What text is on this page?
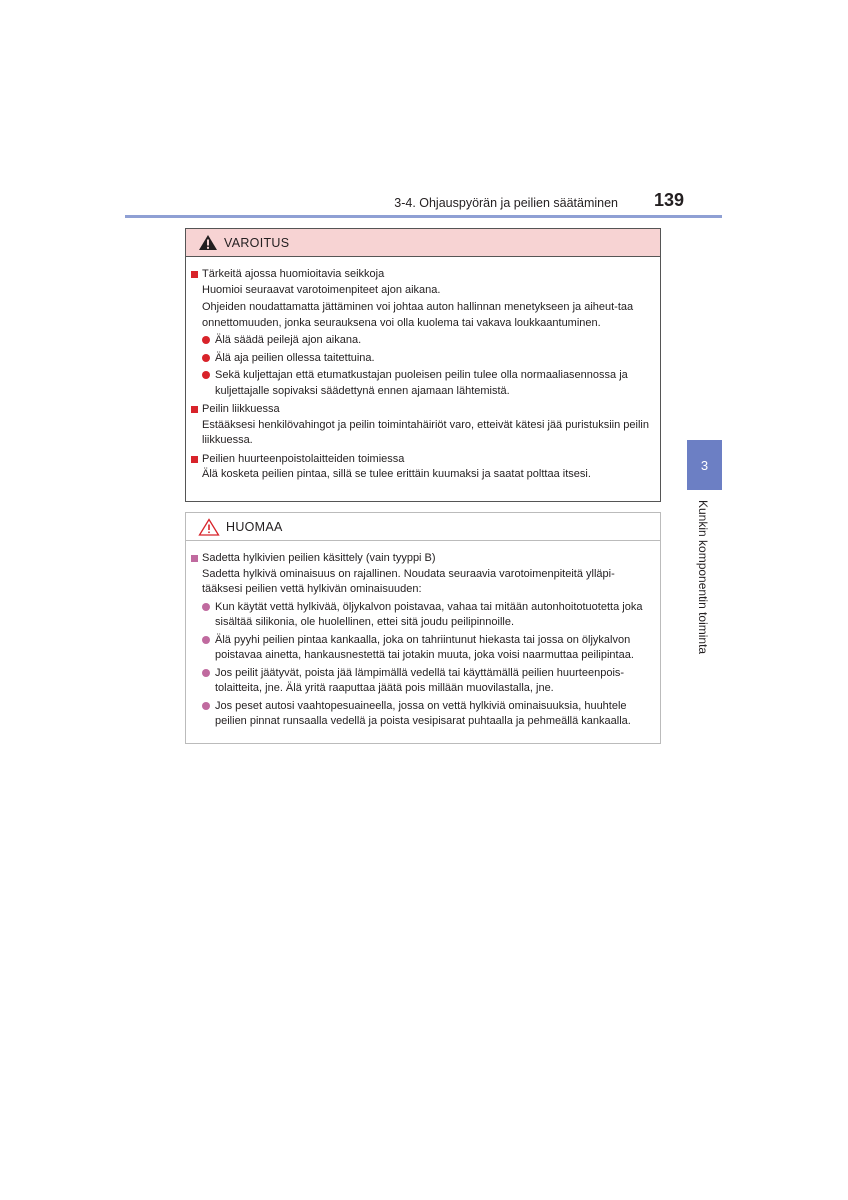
3-4. Ohjauspyörän ja peilien säätäminen	139
3
Kunkin komponentin toiminta
VAROITUS
Tärkeitä ajossa huomioitavia seikkoja
Huomioi seuraavat varotoimenpiteet ajon aikana.
Ohjeiden noudattamatta jättäminen voi johtaa auton hallinnan menetykseen ja aiheut-taa onnettomuuden, jonka seurauksena voi olla kuolema tai vakava loukkaantuminen.
Älä säädä peilejä ajon aikana.
Älä aja peilien ollessa taitettuina.
Sekä kuljettajan että etumatkustajan puoleisen peilin tulee olla normaaliasennossa ja kuljettajalle sopivaksi säädettynä ennen ajamaan lähtemistä.
Peilin liikkuessa
Estääksesi henkilövahingot ja peilin toimintahäiriöt varo, etteivät kätesi jää puristuksiin peilin liikkuessa.
Peilien huurteenpoistolaitteiden toimiessa
Älä kosketa peilien pintaa, sillä se tulee erittäin kuumaksi ja saatat polttaa itsesi.
HUOMAA
Sadetta hylkivien peilien käsittely (vain tyyppi B)
Sadetta hylkivä ominaisuus on rajallinen. Noudata seuraavia varotoimenpiteitä ylläpi-tääksesi peilien vettä hylkivän ominaisuuden:
Kun käytät vettä hylkivää, öljykalvon poistavaa, vahaa tai mitään autonhoitotuotetta joka sisältää silikonia, ole huolellinen, ettei sitä joudu peilipinnoille.
Älä pyyhi peilien pintaa kankaalla, joka on tahriintunut hiekasta tai jossa on öljykalvon poistavaa ainetta, hankausnestettä tai jotakin muuta, joka voisi naarmuttaa peilipintaa.
Jos peilit jäätyvät, poista jää lämpimällä vedellä tai käyttämällä peilien huurteenpois-tolaitteita, jne. Älä yritä raaputtaa jäätä pois millään muovilastalla, jne.
Jos peset autosi vaahtopesuaineella, jossa on vettä hylkiviä ominaisuuksia, huuhtele peilien pinnat runsaalla vedellä ja poista vesipisarat puhtaalla ja pehmeällä kankaalla.
